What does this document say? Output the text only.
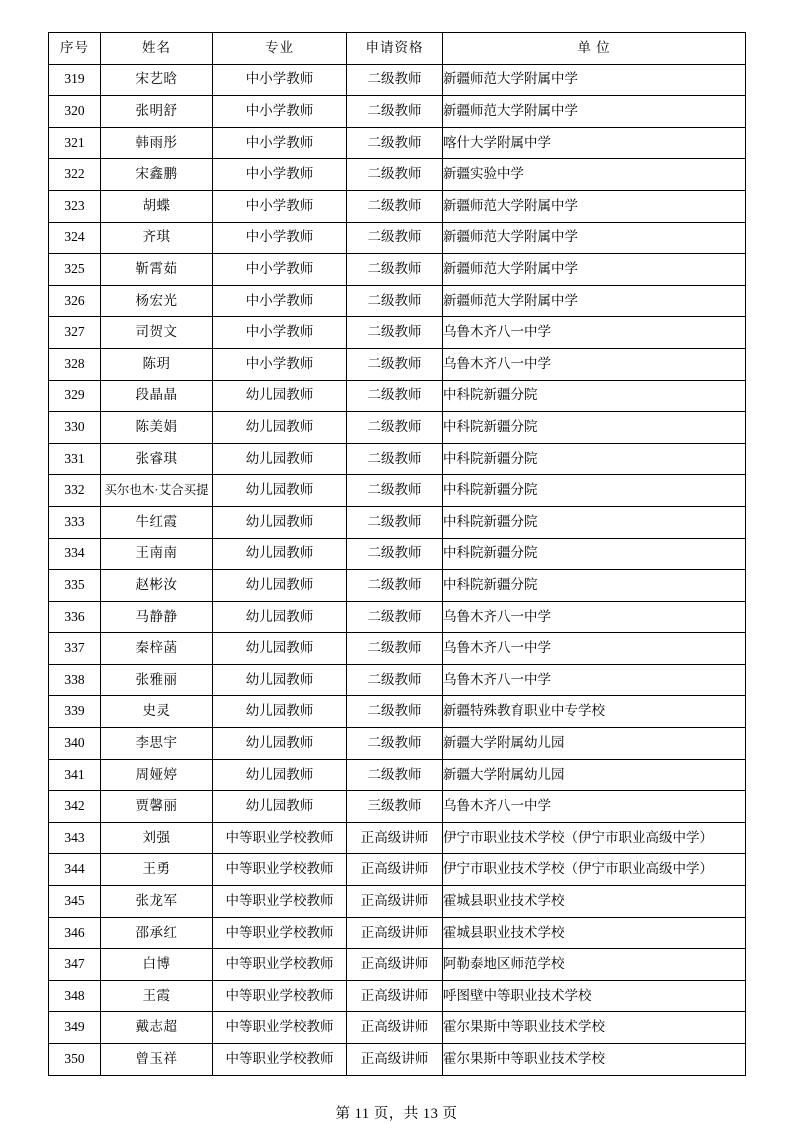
序号	姓名	专业	申请资格	单 位
319	宋艺晗	中小学教师	二级教师	新疆师范大学附属中学
320	张明舒	中小学教师	二级教师	新疆师范大学附属中学
321	韩雨彤	中小学教师	二级教师	喀什大学附属中学
322	宋鑫鹏	中小学教师	二级教师	新疆实验中学
323	胡蝶	中小学教师	二级教师	新疆师范大学附属中学
324	齐琪	中小学教师	二级教师	新疆师范大学附属中学
325	靳霄茹	中小学教师	二级教师	新疆师范大学附属中学
326	杨宏光	中小学教师	二级教师	新疆师范大学附属中学
327	司贺文	中小学教师	二级教师	乌鲁木齐八一中学
328	陈玥	中小学教师	二级教师	乌鲁木齐八一中学
329	段晶晶	幼儿园教师	二级教师	中科院新疆分院
330	陈美娟	幼儿园教师	二级教师	中科院新疆分院
331	张睿琪	幼儿园教师	二级教师	中科院新疆分院
332	买尔也木·艾合买提	幼儿园教师	二级教师	中科院新疆分院
333	牛红霞	幼儿园教师	二级教师	中科院新疆分院
334	王南南	幼儿园教师	二级教师	中科院新疆分院
335	赵彬汝	幼儿园教师	二级教师	中科院新疆分院
336	马静静	幼儿园教师	二级教师	乌鲁木齐八一中学
337	秦梓菡	幼儿园教师	二级教师	乌鲁木齐八一中学
338	张雅丽	幼儿园教师	二级教师	乌鲁木齐八一中学
339	史灵	幼儿园教师	二级教师	新疆特殊教育职业中专学校
340	李思宇	幼儿园教师	二级教师	新疆大学附属幼儿园
341	周娅婷	幼儿园教师	二级教师	新疆大学附属幼儿园
342	贾馨丽	幼儿园教师	三级教师	乌鲁木齐八一中学
343	刘强	中等职业学校教师	正高级讲师	伊宁市职业技术学校（伊宁市职业高级中学）
344	王勇	中等职业学校教师	正高级讲师	伊宁市职业技术学校（伊宁市职业高级中学）
345	张龙军	中等职业学校教师	正高级讲师	霍城县职业技术学校
346	邵承红	中等职业学校教师	正高级讲师	霍城县职业技术学校
347	白博	中等职业学校教师	正高级讲师	阿勒泰地区师范学校
348	王霞	中等职业学校教师	正高级讲师	呼图壁中等职业技术学校
349	戴志超	中等职业学校教师	正高级讲师	霍尔果斯中等职业技术学校
350	曾玉祥	中等职业学校教师	正高级讲师	霍尔果斯中等职业技术学校
第 11 页，共 13 页
